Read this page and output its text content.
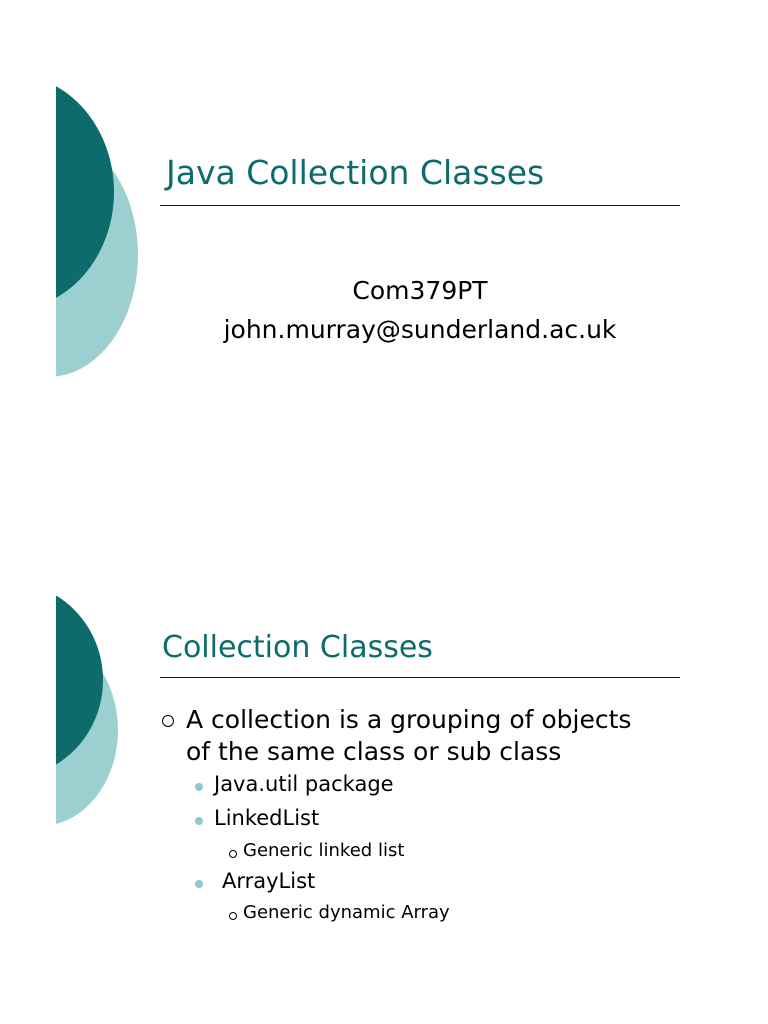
Java Collection Classes
Com379PT
john.murray@sunderland.ac.uk
Collection Classes
A collection is a grouping of objects
of the same class or sub class
Java.util package
LinkedList
Generic linked list
ArrayList
Generic dynamic Array
